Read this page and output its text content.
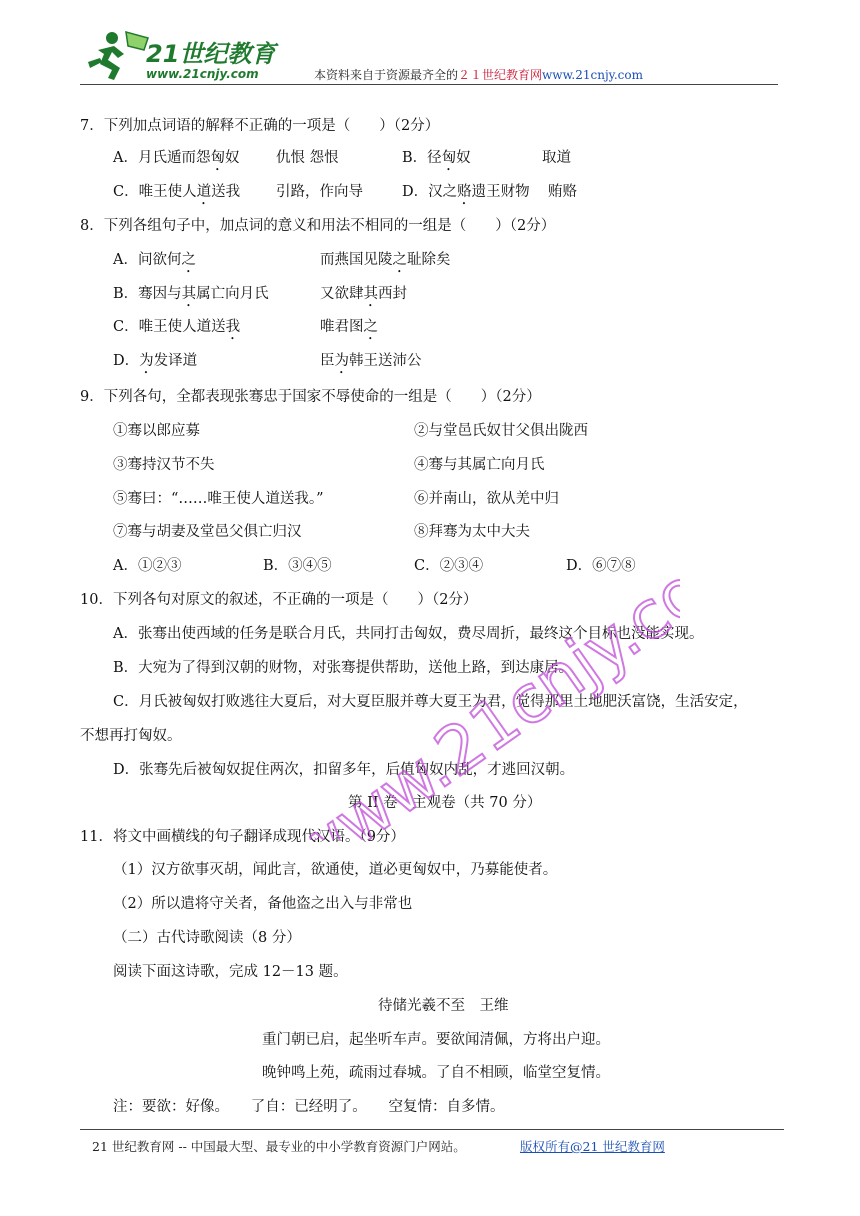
21世纪教育
www.21cnjy.com	本资料来自于资源最齐全的２１世纪教育网www.21cnjy.com
7．下列加点词语的解释不正确的一项是（　　）（2分）
A．月氏遁而怨匈奴	仇恨 怨恨	B．径匈奴	取道
C．唯王使人道送我 引路，作向导	D．汉之赂遗王财物 贿赂
8．下列各组句子中，加点词的意义和用法不相同的一组是（　　）（2分）
A．问欲何之	而燕国见陵之耻除矣
B．骞因与其属亡向月氏	又欲肆其西封
C．唯王使人道送我	唯君图之
D．为发译道	臣为韩王送沛公
9．下列各句，全都表现张骞忠于国家不辱使命的一组是（　　）（2分）
①骞以郎应募	②与堂邑氏奴甘父俱出陇西
③骞持汉节不失	④骞与其属亡向月氏
⑤骞曰：“……唯王使人道送我。”	⑥并南山，欲从羌中归
⑦骞与胡妻及堂邑父俱亡归汉	⑧拜骞为太中大夫
A．①②③	B．③④⑤	C．②③④	D．⑥⑦⑧
10．下列各句对原文的叙述，不正确的一项是（　　）（2分）
A．张骞出使西域的任务是联合月氏，共同打击匈奴，费尽周折，最终这个目标也没能实现。
B．大宛为了得到汉朝的财物，对张骞提供帮助，送他上路，到达康居。
C．月氏被匈奴打败逃往大夏后，对大夏臣服并尊大夏王为君，觉得那里土地肥沃富饶，生活安定，
不想再打匈奴。
D．张骞先后被匈奴捉住两次，扣留多年，后值匈奴内乱，才逃回汉朝。
第 II 卷　主观卷（共 70 分）
11．将文中画横线的句子翻译成现代汉语。（9分）
（1）汉方欲事灭胡，闻此言，欲通使，道必更匈奴中，乃募能使者。
（2）所以遣将守关者，备他盗之出入与非常也
（二）古代诗歌阅读（8 分）
阅读下面这诗歌，完成 12－13 题。
待储光羲不至　王维
重门朝已启，起坐听车声。要欲闻清佩，方将出户迎。
晚钟鸣上苑，疏雨过春城。了自不相顾，临堂空复情。
注：要欲：好像。　　了自：已经明了。　　空复情：自多情。
www.21cnjy.com
21 世纪教育网 -- 中国最大型、最专业的中小学教育资源门户网站。	版权所有@21 世纪教育网
